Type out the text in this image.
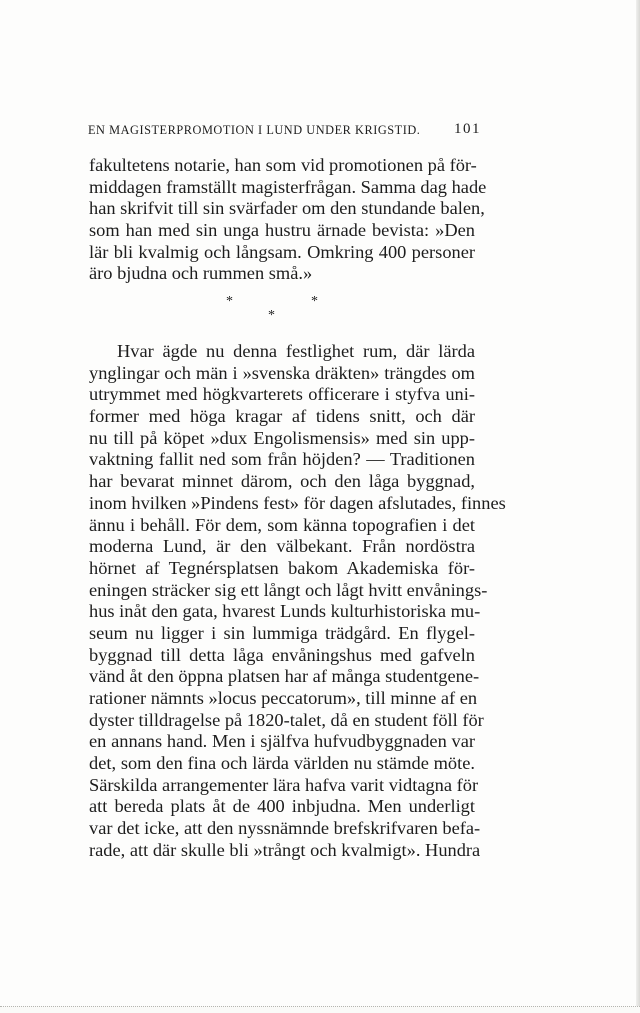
EN MAGISTERPROMOTION I LUND UNDER KRIGSTID.	101
fakultetens notarie, han som vid promotionen på för-
middagen framställt magisterfrågan. Samma dag hade
han skrifvit till sin svärfader om den stundande balen,
som han med sin unga hustru ärnade bevista: »Den
lär bli kvalmig och långsam. Omkring 400 personer
äro bjudna och rummen små.»
*	*
*
Hvar ägde nu denna festlighet rum, där lärda
ynglingar och män i »svenska dräkten» trängdes om
utrymmet med högkvarterets officerare i styfva uni-
former med höga kragar af tidens snitt, och där
nu till på köpet »dux Engolismensis» med sin upp-
vaktning fallit ned som från höjden? — Traditionen
har bevarat minnet därom, och den låga byggnad,
inom hvilken »Pindens fest» för dagen afslutades, finnes
ännu i behåll. För dem, som känna topografien i det
moderna Lund, är den välbekant. Från nordöstra
hörnet af Tegnérsplatsen bakom Akademiska för-
eningen sträcker sig ett långt och lågt hvitt envånings-
hus inåt den gata, hvarest Lunds kulturhistoriska mu-
seum nu ligger i sin lummiga trädgård. En flygel-
byggnad till detta låga envåningshus med gafveln
vänd åt den öppna platsen har af många studentgene-
rationer nämnts »locus peccatorum», till minne af en
dyster tilldragelse på 1820-talet, då en student föll för
en annans hand. Men i själfva hufvudbyggnaden var
det, som den fina och lärda världen nu stämde möte.
Särskilda arrangementer lära hafva varit vidtagna för
att bereda plats åt de 400 inbjudna. Men underligt
var det icke, att den nyssnämnde brefskrifvaren befa-
rade, att där skulle bli »trångt och kvalmigt». Hundra
